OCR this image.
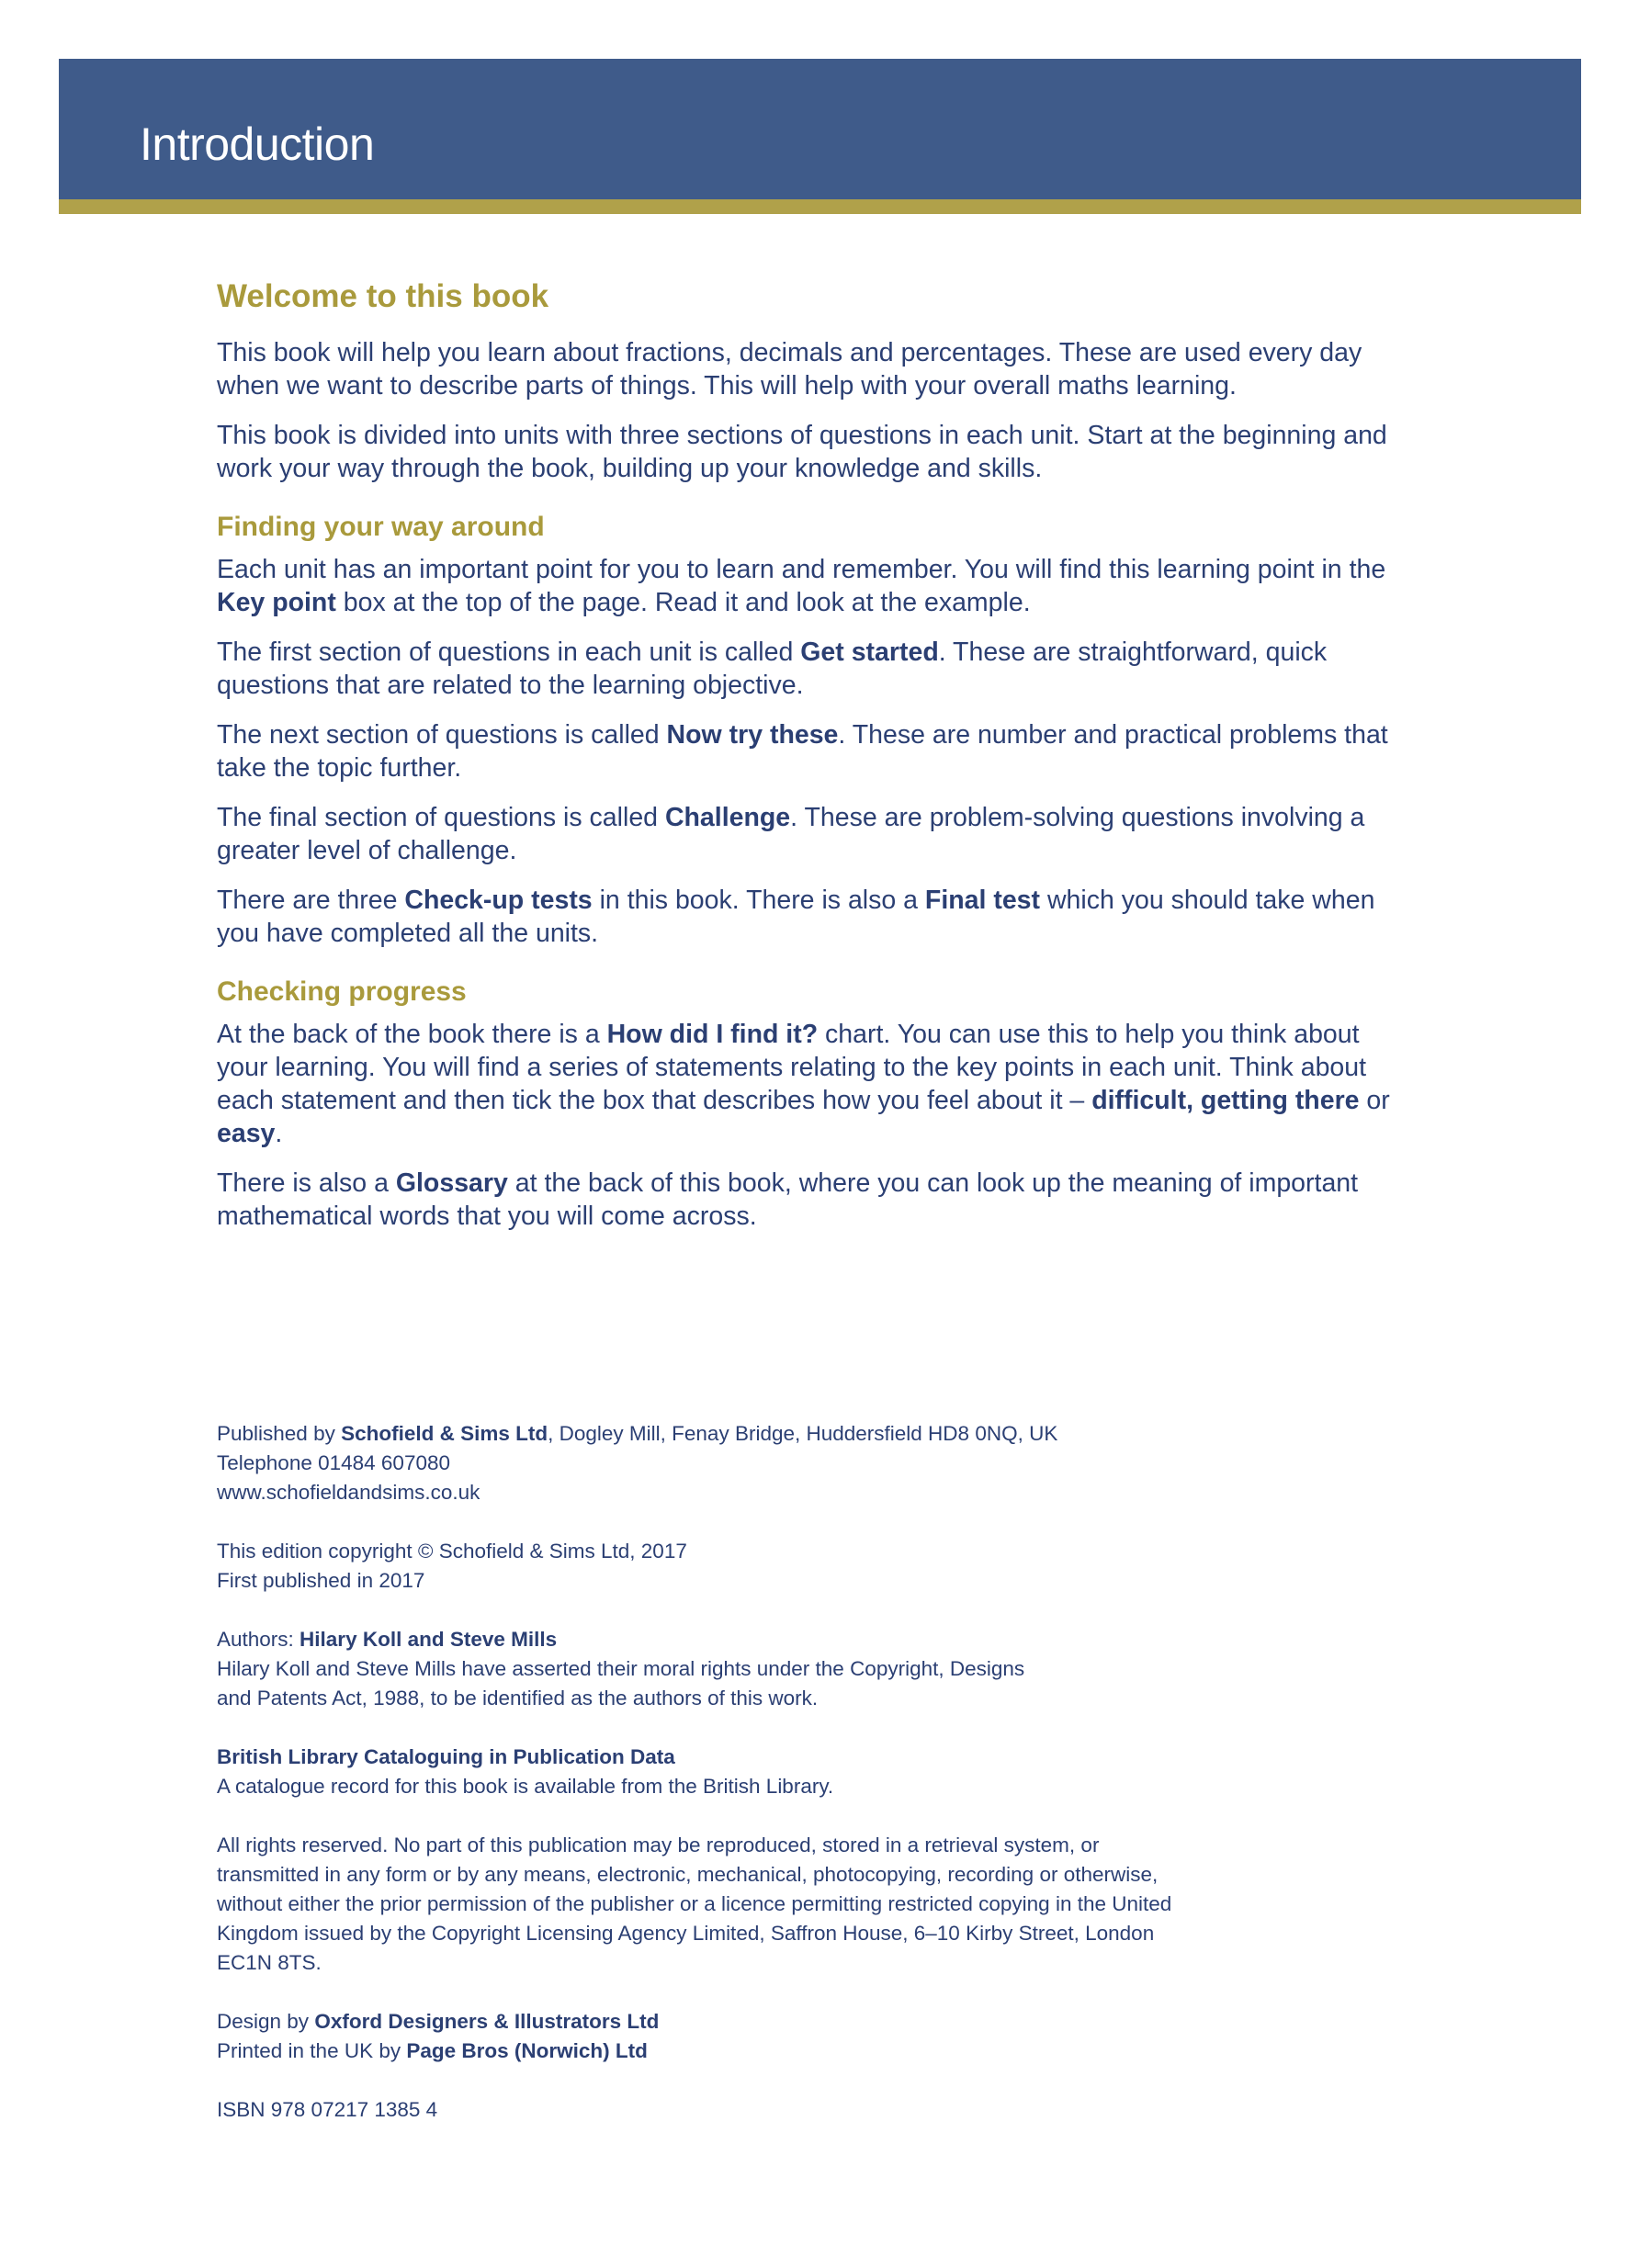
Introduction
Welcome to this book

This book will help you learn about fractions, decimals and percentages. These are used every day when we want to describe parts of things. This will help with your overall maths learning.

This book is divided into units with three sections of questions in each unit. Start at the beginning and work your way through the book, building up your knowledge and skills.

Finding your way around

Each unit has an important point for you to learn and remember. You will find this learning point in the Key point box at the top of the page. Read it and look at the example.

The first section of questions in each unit is called Get started. These are straightforward, quick questions that are related to the learning objective.

The next section of questions is called Now try these. These are number and practical problems that take the topic further.

The final section of questions is called Challenge. These are problem-solving questions involving a greater level of challenge.

There are three Check-up tests in this book. There is also a Final test which you should take when you have completed all the units.

Checking progress

At the back of the book there is a How did I find it? chart. You can use this to help you think about your learning. You will find a series of statements relating to the key points in each unit. Think about each statement and then tick the box that describes how you feel about it – difficult, getting there or easy.

There is also a Glossary at the back of this book, where you can look up the meaning of important mathematical words that you will come across.

Published by Schofield & Sims Ltd, Dogley Mill, Fenay Bridge, Huddersfield HD8 0NQ, UK
Telephone 01484 607080
www.schofieldandsims.co.uk

This edition copyright © Schofield & Sims Ltd, 2017
First published in 2017

Authors: Hilary Koll and Steve Mills
Hilary Koll and Steve Mills have asserted their moral rights under the Copyright, Designs and Patents Act, 1988, to be identified as the authors of this work.

British Library Cataloguing in Publication Data
A catalogue record for this book is available from the British Library.

All rights reserved. No part of this publication may be reproduced, stored in a retrieval system, or transmitted in any form or by any means, electronic, mechanical, photocopying, recording or otherwise, without either the prior permission of the publisher or a licence permitting restricted copying in the United Kingdom issued by the Copyright Licensing Agency Limited, Saffron House, 6–10 Kirby Street, London EC1N 8TS.

Design by Oxford Designers & Illustrators Ltd
Printed in the UK by Page Bros (Norwich) Ltd

ISBN 978 07217 1385 4
